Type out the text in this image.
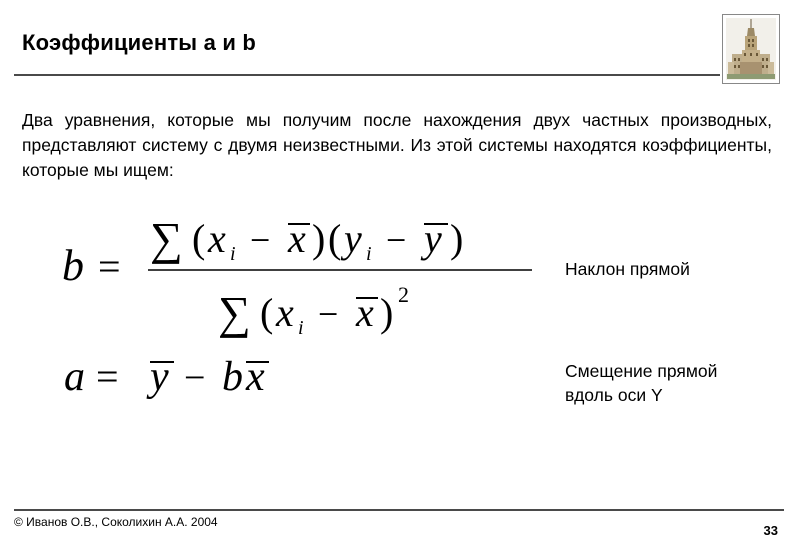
Коэффициенты a и b
Два уравнения, которые мы получим после нахождения двух частных производных, представляют систему с двумя неизвестными. Из этой системы находятся коэффициенты, которые мы ищем:
b =
∑ ( x i − x ) ( y i − y )
∑ ( x i − x ) 2
a = y − b x
Наклон прямой
Смещение прямой
вдоль оси Y
© Иванов О.В., Соколихин А.А. 2004
33
